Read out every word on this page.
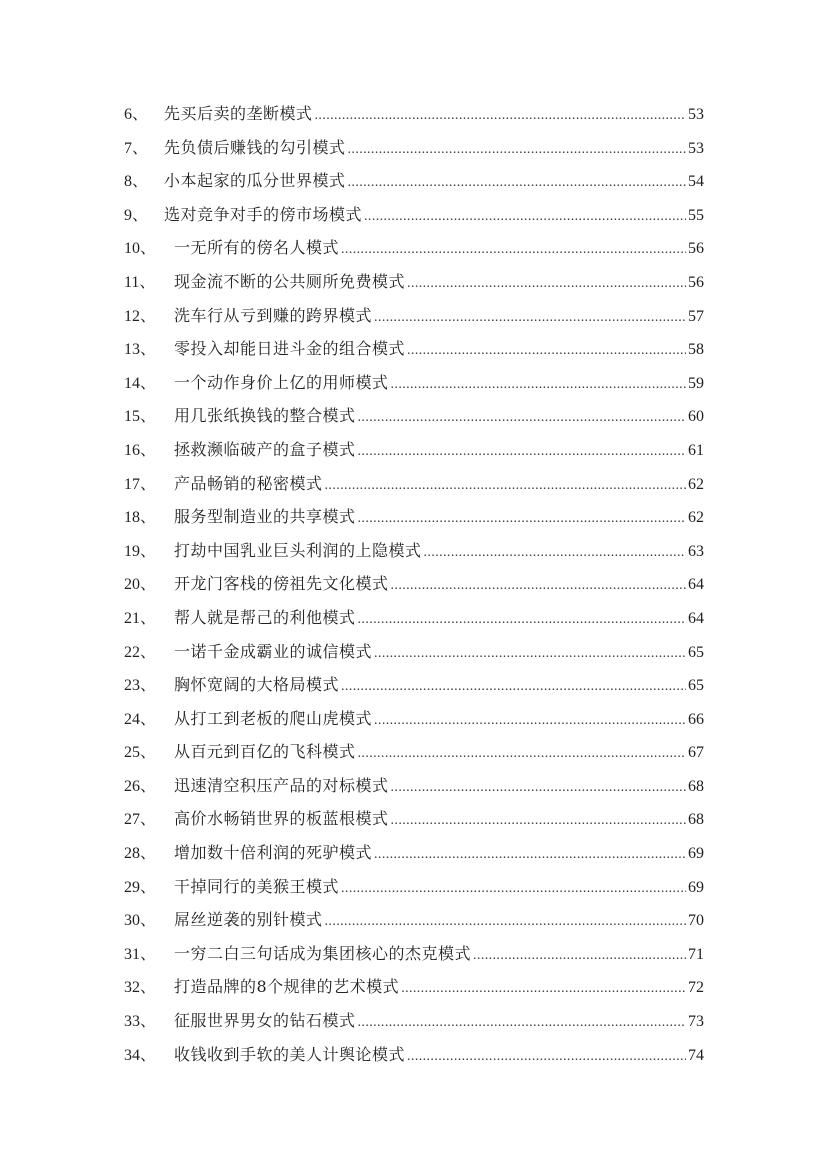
6、 先买后卖的垄断模式 .....	53
7、 先负债后赚钱的勾引模式 .....	53
8、 小本起家的瓜分世界模式 .....	54
9、 选对竞争对手的傍市场模式 .....	55
10、	一无所有的傍名人模式 .....	56
11、	现金流不断的公共厕所免费模式 .....	56
12、	洗车行从亏到赚的跨界模式 .....	57
13、	零投入却能日进斗金的组合模式 .....	58
14、	一个动作身价上亿的用师模式 .....	59
15、	用几张纸换钱的整合模式 .....	60
16、	拯救濒临破产的盒子模式 .....	61
17、	产品畅销的秘密模式 .....	62
18、	服务型制造业的共享模式 .....	62
19、	打劫中国乳业巨头利润的上隐模式 .....	63
20、	开龙门客栈的傍祖先文化模式 .....	64
21、	帮人就是帮己的利他模式 .....	64
22、	一诺千金成霸业的诚信模式 .....	65
23、	胸怀宽阔的大格局模式 .....	65
24、	从打工到老板的爬山虎模式 .....	66
25、	从百元到百亿的飞科模式 .....	67
26、	迅速清空积压产品的对标模式 .....	68
27、	高价水畅销世界的板蓝根模式 .....	68
28、	增加数十倍利润的死驴模式 .....	69
29、	干掉同行的美猴王模式 .....	69
30、	屌丝逆袭的别针模式 .....	70
31、	一穷二白三句话成为集团核心的杰克模式 .....	71
32、	打造品牌的8个规律的艺术模式 .....	72
33、	征服世界男女的钻石模式 .....	73
34、	收钱收到手软的美人计舆论模式 .....	74
